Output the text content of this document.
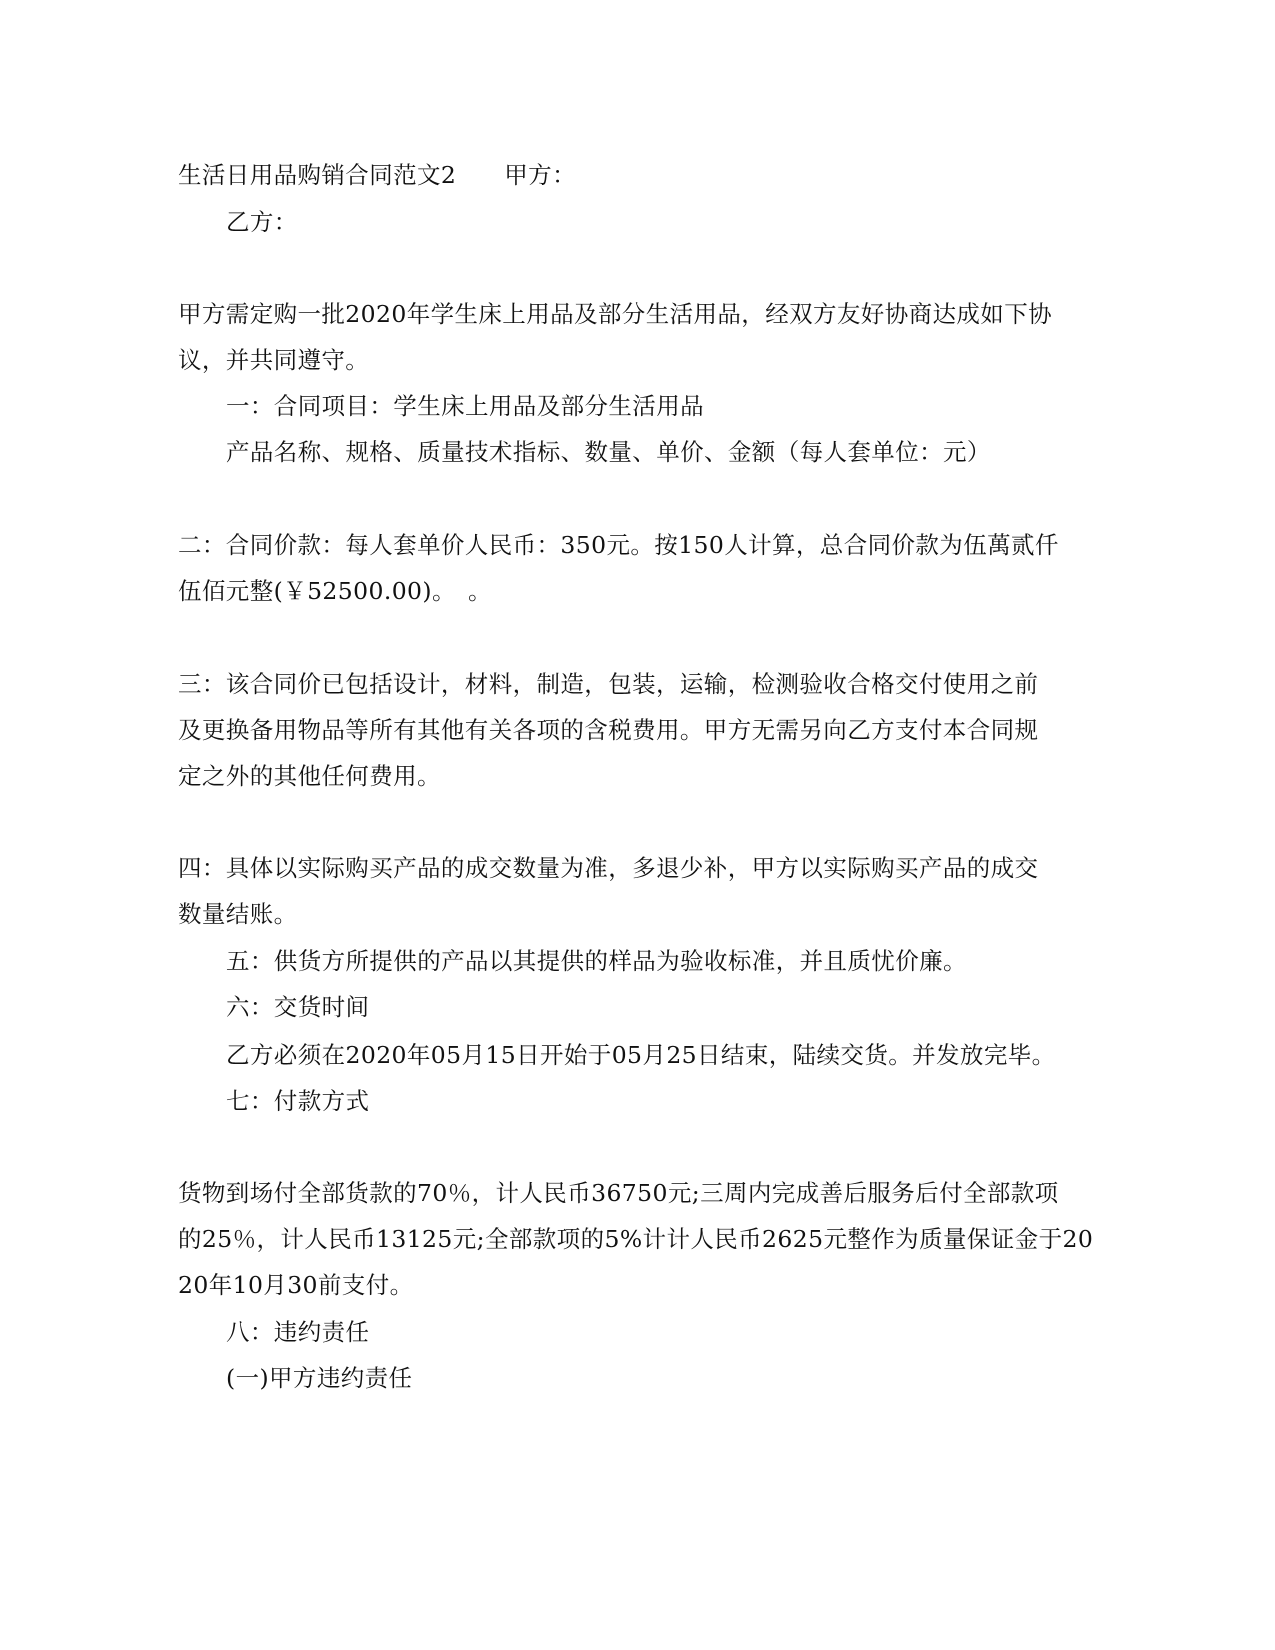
生活日用品购销合同范文2 甲方：
乙方：
甲方需定购一批2020年学生床上用品及部分生活用品，经双方友好协商达成如下协
议，并共同遵守。
一：合同项目：学生床上用品及部分生活用品
产品名称、规格、质量技术指标、数量、单价、金额（每人套单位：元）
二：合同价款：每人套单价人民币：350元。按150人计算，总合同价款为伍萬贰仟
伍佰元整(￥52500.00)。　。
三：该合同价已包括设计，材料，制造，包装，运输，检测验收合格交付使用之前
及更换备用物品等所有其他有关各项的含税费用。甲方无需另向乙方支付本合同规
定之外的其他任何费用。
四：具体以实际购买产品的成交数量为准，多退少补，甲方以实际购买产品的成交
数量结账。
五：供货方所提供的产品以其提供的样品为验收标准，并且质忧价廉。
六：交货时间
乙方必须在2020年05月15日开始于05月25日结束，陆续交货。并发放完毕。
七：付款方式
货物到场付全部货款的70％，计人民币36750元;三周内完成善后服务后付全部款项
的25％，计人民币13125元;全部款项的5%计计人民币2625元整作为质量保证金于20
20年10月30前支付。
八：违约责任
(一)甲方违约责任
